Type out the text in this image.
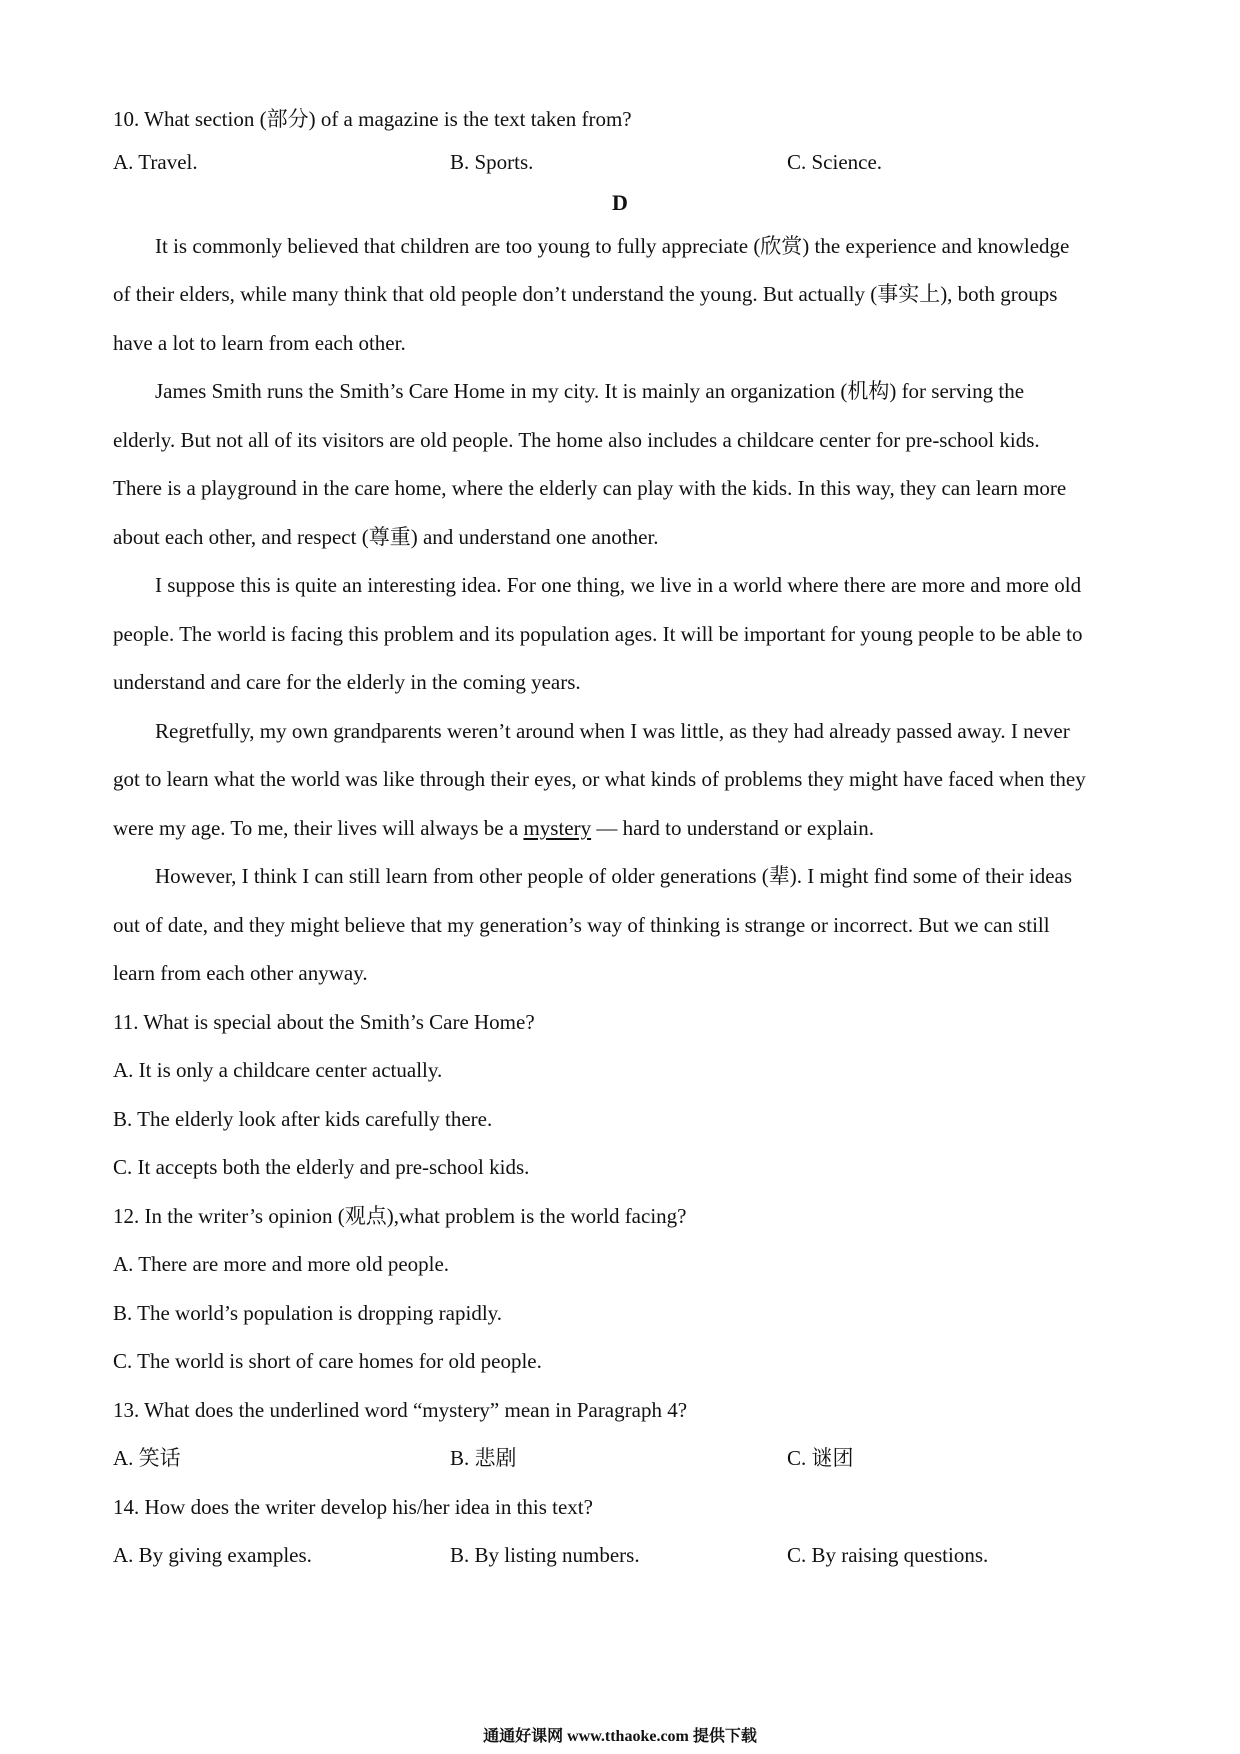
10. What section (部分) of a magazine is the text taken from?
A. Travel.	B. Sports.	C. Science.
D
It is commonly believed that children are too young to fully appreciate (欣赏) the experience and knowledge
of their elders, while many think that old people don’t understand the young. But actually (事实上), both groups
have a lot to learn from each other.
James Smith runs the Smith’s Care Home in my city. It is mainly an organization (机构) for serving the
elderly. But not all of its visitors are old people. The home also includes a childcare center for pre-school kids.
There is a playground in the care home, where the elderly can play with the kids. In this way, they can learn more
about each other, and respect (尊重) and understand one another.
I suppose this is quite an interesting idea. For one thing, we live in a world where there are more and more old
people. The world is facing this problem and its population ages. It will be important for young people to be able to
understand and care for the elderly in the coming years.
Regretfully, my own grandparents weren’t around when I was little, as they had already passed away. I never
got to learn what the world was like through their eyes, or what kinds of problems they might have faced when they
were my age. To me, their lives will always be a mystery — hard to understand or explain.
However, I think I can still learn from other people of older generations (辈). I might find some of their ideas
out of date, and they might believe that my generation’s way of thinking is strange or incorrect. But we can still
learn from each other anyway.
11. What is special about the Smith’s Care Home?
A. It is only a childcare center actually.
B. The elderly look after kids carefully there.
C. It accepts both the elderly and pre-school kids.
12. In the writer’s opinion (观点),what problem is the world facing?
A. There are more and more old people.
B. The world’s population is dropping rapidly.
C. The world is short of care homes for old people.
13. What does the underlined word “mystery” mean in Paragraph 4?
A. 笑话	B. 悲剧	C. 谜团
14. How does the writer develop his/her idea in this text?
A. By giving examples.	B. By listing numbers.	C. By raising questions.
通通好课网 www.tthaoke.com 提供下载
